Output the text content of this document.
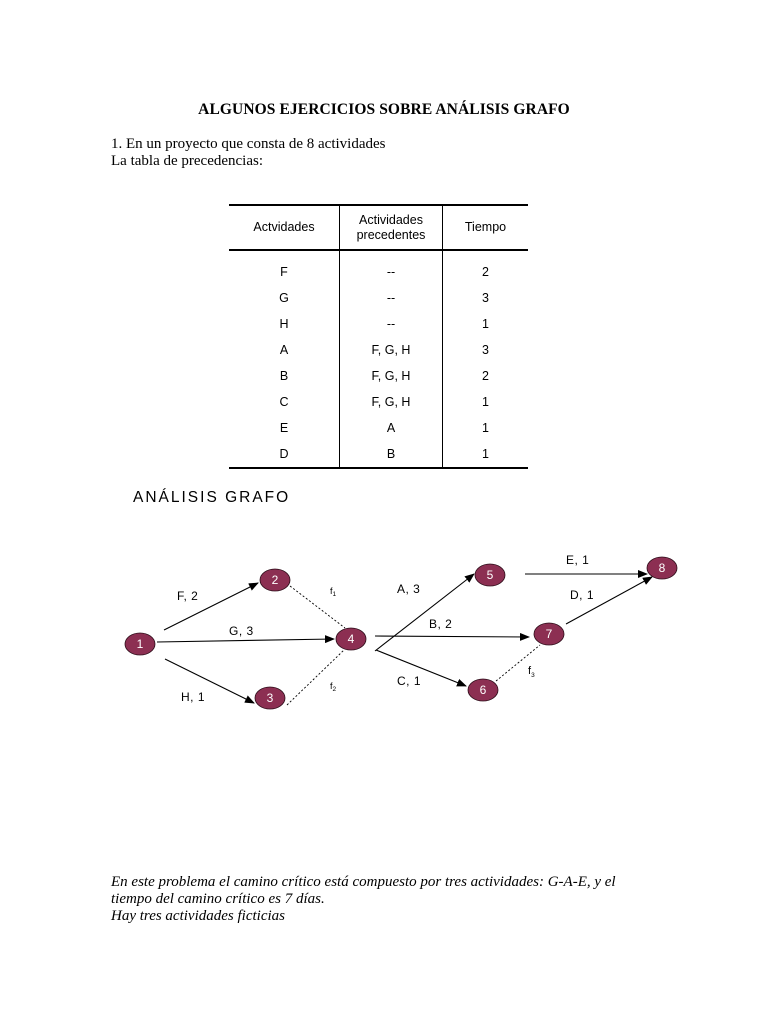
ALGUNOS EJERCICIOS SOBRE ANÁLISIS GRAFO
1. En un proyecto que consta de 8 actividades
La tabla de precedencias:
Actvidades	Actividades precedentes	Tiempo
F	--	2
G	--	3
H	--	1
A	F, G, H	3
B	F, G, H	2
C	F, G, H	1
E	A	1
D	B	1
ANÁLISIS GRAFO
F, 2
G, 3
H, 1
A, 3
B, 2
C, 1
E, 1
D, 1
$f_1$
$f_2$
$f_3$
1
2
3
4
5
6
7
8
En este problema el camino crítico está compuesto por tres actividades: G-A-E, y el
tiempo del camino crítico es 7 días.
Hay tres actividades ficticias
